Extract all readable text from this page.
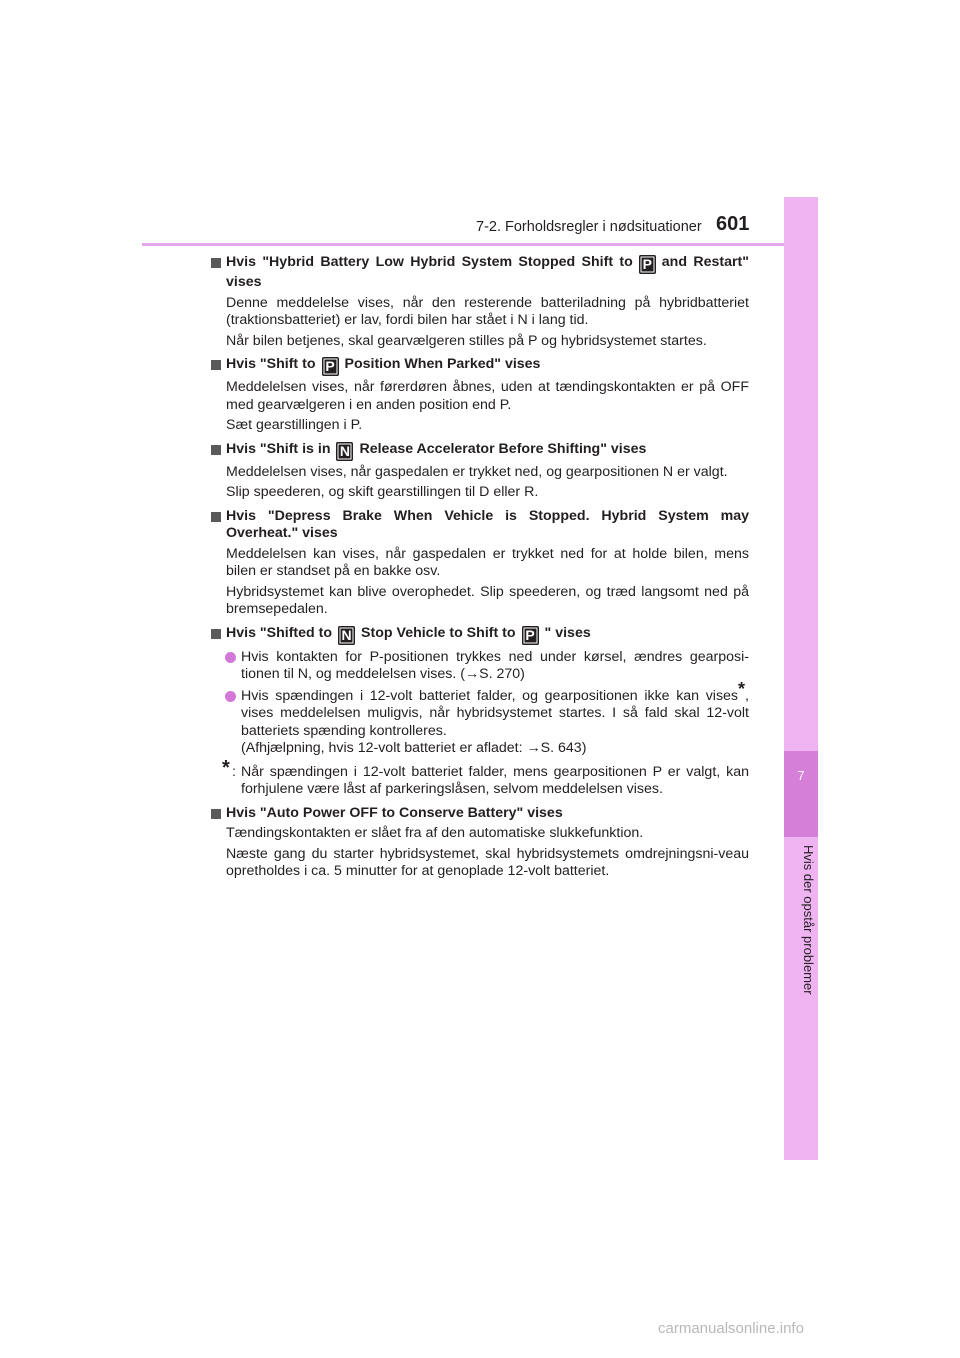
7-2. Forholdsregler i nødsituationer 601
7
Hvis der opstår problemer

Hvis "Hybrid Battery Low Hybrid System Stopped Shift to P and Restart" vises

Denne meddelelse vises, når den resterende batteriladning på hybridbatteriet (traktionsbatteriet) er lav, fordi bilen har stået i N i lang tid.

Når bilen betjenes, skal gearvælgeren stilles på P og hybridsystemet startes.

Hvis "Shift to P Position When Parked" vises

Meddelelsen vises, når førerdøren åbnes, uden at tændingskontakten er på OFF med gearvælgeren i en anden position end P.

Sæt gearstillingen i P.

Hvis "Shift is in N Release Accelerator Before Shifting" vises

Meddelelsen vises, når gaspedalen er trykket ned, og gearpositionen N er valgt.

Slip speederen, og skift gearstillingen til D eller R.

Hvis "Depress Brake When Vehicle is Stopped. Hybrid System may Overheat." vises

Meddelelsen kan vises, når gaspedalen er trykket ned for at holde bilen, mens bilen er standset på en bakke osv.

Hybridsystemet kan blive overophedet. Slip speederen, og træd langsomt ned på bremsepedalen.

Hvis "Shifted to N Stop Vehicle to Shift to P " vises

Hvis kontakten for P-positionen trykkes ned under kørsel, ændres gearposi-tionen til N, og meddelelsen vises. (→S. 270)

Hvis spændingen i 12-volt batteriet falder, og gearpositionen ikke kan vises*, vises meddelelsen muligvis, når hybridsystemet startes. I så fald skal 12-volt batteriets spænding kontrolleres.
(Afhjælpning, hvis 12-volt batteriet er afladet: →S. 643)

* : Når spændingen i 12-volt batteriet falder, mens gearpositionen P er valgt, kan forhjulene være låst af parkeringslåsen, selvom meddelelsen vises.

Hvis "Auto Power OFF to Conserve Battery" vises

Tændingskontakten er slået fra af den automatiske slukkefunktion.

Næste gang du starter hybridsystemet, skal hybridsystemets omdrejningsni-veau opretholdes i ca. 5 minutter for at genoplade 12-volt batteriet.

carmanualsonline.info
